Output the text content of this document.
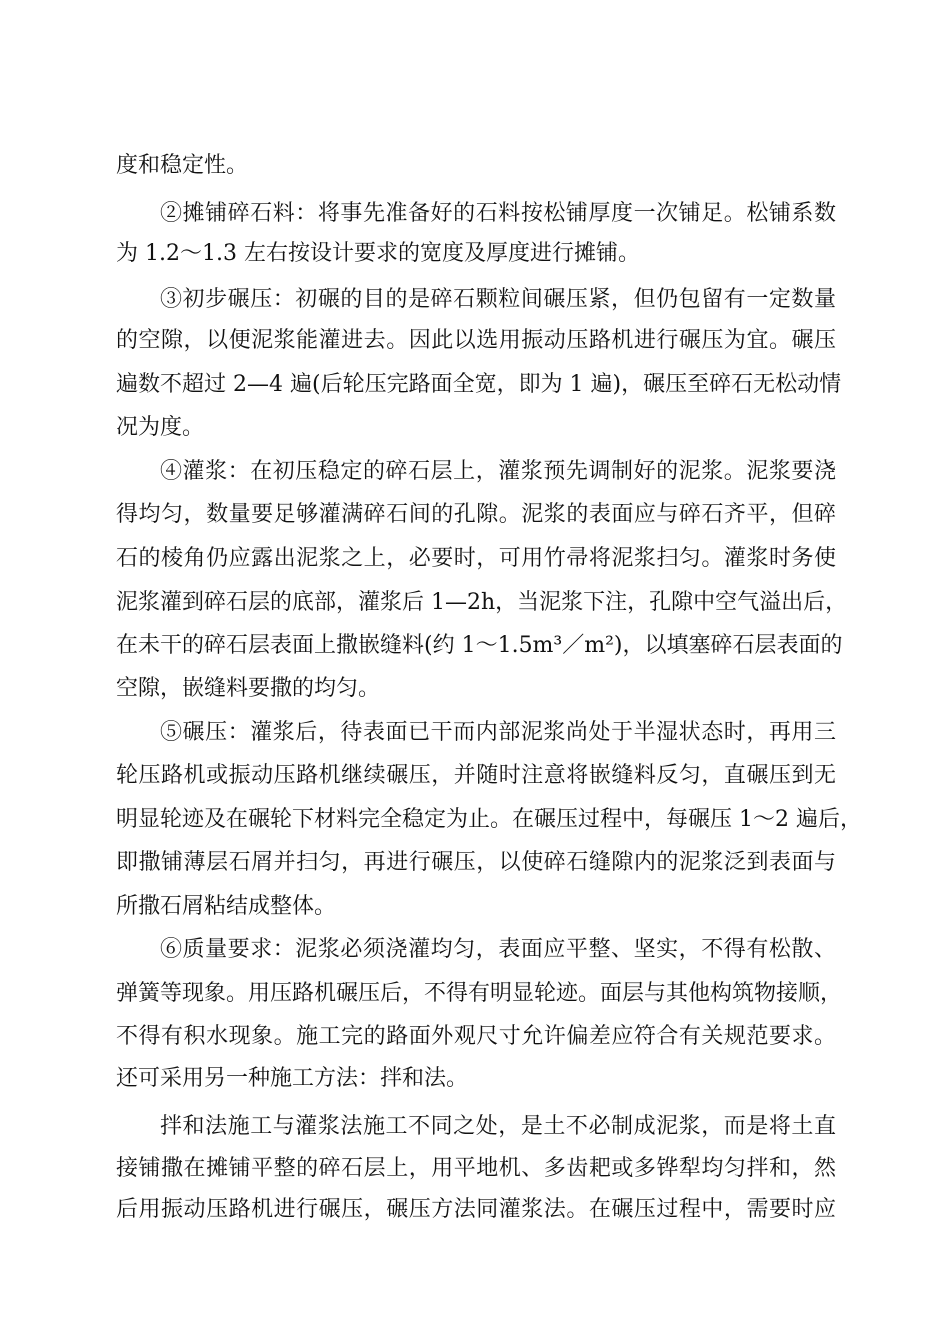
度和稳定性。
②摊铺碎石料：将事先准备好的石料按松铺厚度一次铺足。松铺系数
为 1.2～1.3 左右按设计要求的宽度及厚度进行摊铺。
③初步碾压：初碾的目的是碎石颗粒间碾压紧，但仍包留有一定数量
的空隙，以便泥浆能灌进去。因此以选用振动压路机进行碾压为宜。碾压
遍数不超过 2—4 遍(后轮压完路面全宽，即为 1 遍)，碾压至碎石无松动情
况为度。
④灌浆：在初压稳定的碎石层上，灌浆预先调制好的泥浆。泥浆要浇
得均匀，数量要足够灌满碎石间的孔隙。泥浆的表面应与碎石齐平，但碎
石的棱角仍应露出泥浆之上，必要时，可用竹帚将泥浆扫匀。灌浆时务使
泥浆灌到碎石层的底部，灌浆后 1—2h，当泥浆下注，孔隙中空气溢出后，
在未干的碎石层表面上撒嵌缝料(约 1～1.5m³／m²)，以填塞碎石层表面的
空隙，嵌缝料要撒的均匀。
⑤碾压：灌浆后，待表面已干而内部泥浆尚处于半湿状态时，再用三
轮压路机或振动压路机继续碾压，并随时注意将嵌缝料反匀，直碾压到无
明显轮迹及在碾轮下材料完全稳定为止。在碾压过程中，每碾压 1～2 遍后，
即撒铺薄层石屑并扫匀，再进行碾压，以使碎石缝隙内的泥浆泛到表面与
所撒石屑粘结成整体。
⑥质量要求：泥浆必须浇灌均匀，表面应平整、坚实，不得有松散、
弹簧等现象。用压路机碾压后，不得有明显轮迹。面层与其他构筑物接顺，
不得有积水现象。施工完的路面外观尺寸允许偏差应符合有关规范要求。
还可采用另一种施工方法：拌和法。
拌和法施工与灌浆法施工不同之处，是土不必制成泥浆，而是将土直
接铺撒在摊铺平整的碎石层上，用平地机、多齿耙或多铧犁均匀拌和，然
后用振动压路机进行碾压，碾压方法同灌浆法。在碾压过程中，需要时应
